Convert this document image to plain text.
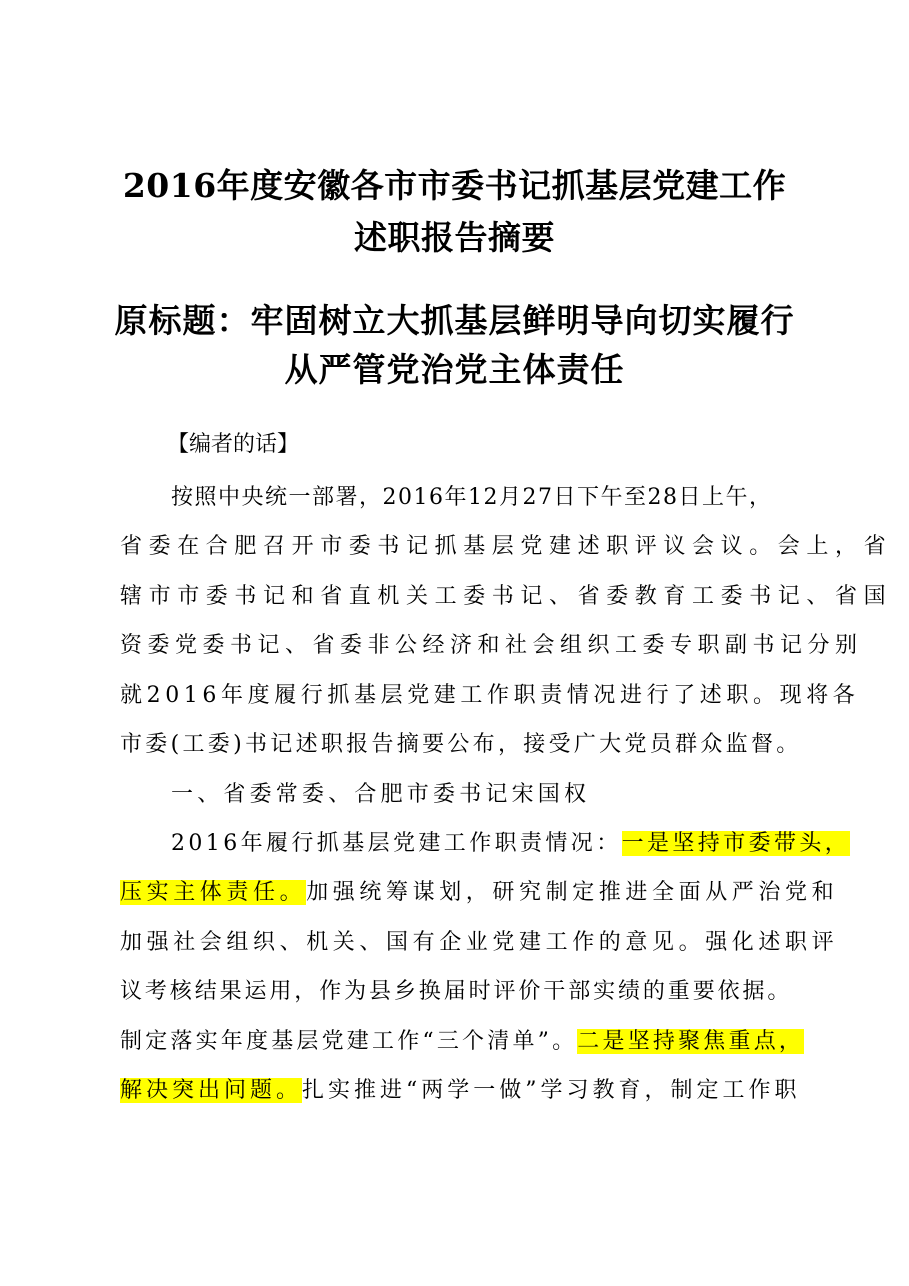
2016年度安徽各市市委书记抓基层党建工作
述职报告摘要
原标题：牢固树立大抓基层鲜明导向切实履行
从严管党治党主体责任
【编者的话】
按照中央统一部署，2016年12月27日下午至28日上午，
省委在合肥召开市委书记抓基层党建述职评议会议。会上，省
辖市市委书记和省直机关工委书记、省委教育工委书记、省国
资委党委书记、省委非公经济和社会组织工委专职副书记分别
就2016年度履行抓基层党建工作职责情况进行了述职。现将各
市委(工委)书记述职报告摘要公布，接受广大党员群众监督。
一、省委常委、合肥市委书记宋国权
2016年履行抓基层党建工作职责情况：一是坚持市委带头，
压实主体责任。加强统筹谋划，研究制定推进全面从严治党和
加强社会组织、机关、国有企业党建工作的意见。强化述职评
议考核结果运用，作为县乡换届时评价干部实绩的重要依据。
制定落实年度基层党建工作“三个清单”。二是坚持聚焦重点，
解决突出问题。扎实推进“两学一做”学习教育，制定工作职
